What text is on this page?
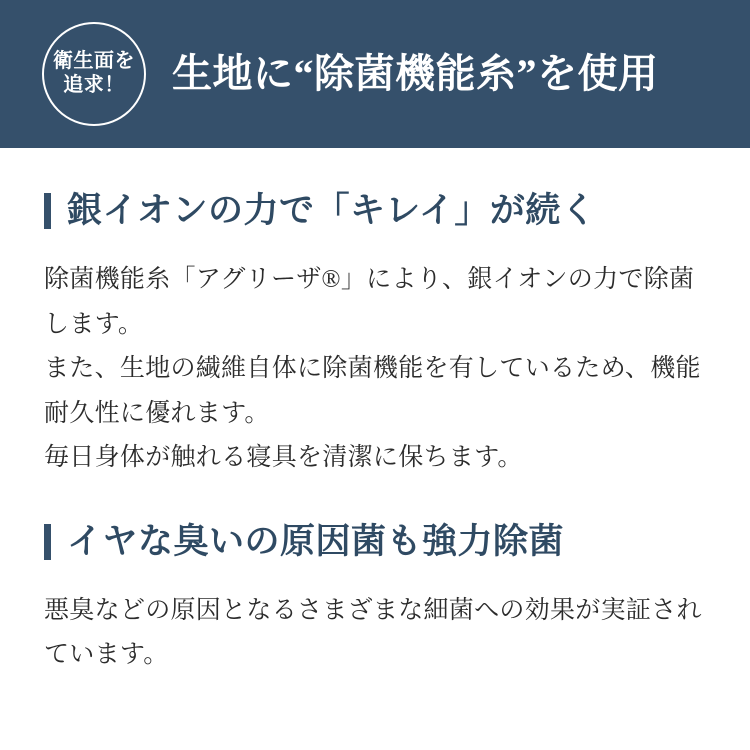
衛生面を
追求！ 生地に“除菌機能糸”を使用
銀イオンの力で「キレイ」が続く

除菌機能糸「アグリーザ®」により、銀イオンの力で除菌します。

また、生地の繊維自体に除菌機能を有しているため、機能耐久性に優れます。

毎日身体が触れる寝具を清潔に保ちます。

イヤな臭いの原因菌も強力除菌

悪臭などの原因となるさまざまな細菌への効果が実証されています。
